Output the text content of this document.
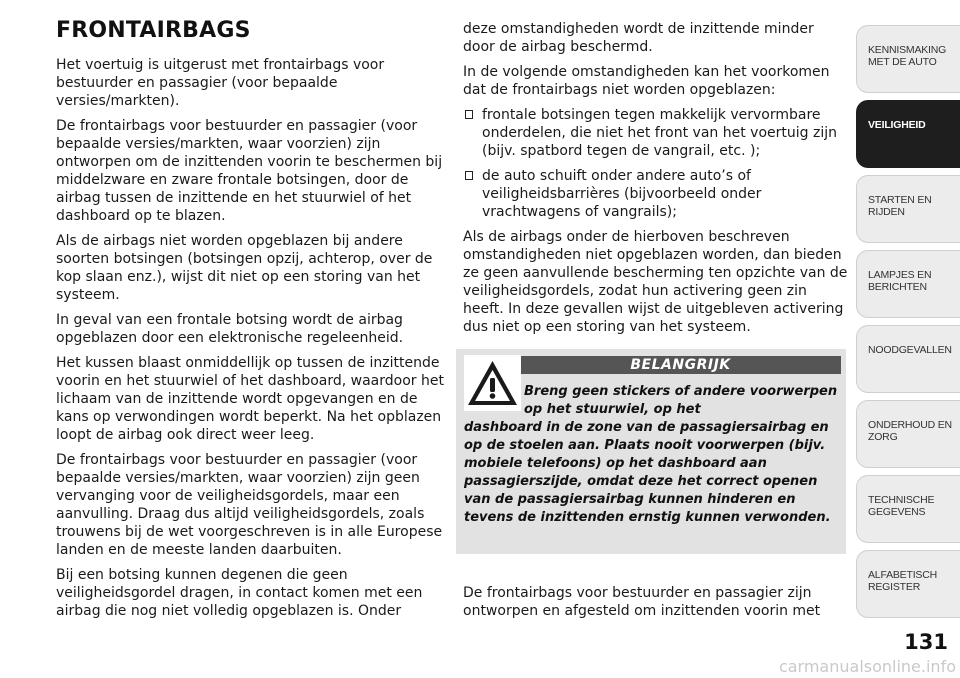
FRONTAIRBAGS

Het voertuig is uitgerust met frontairbags voor bestuurder en passagier (voor bepaalde versies/markten).

De frontairbags voor bestuurder en passagier (voor bepaalde versies/markten, waar voorzien) zijn ontworpen om de inzittenden voorin te beschermen bij middelzware en zware frontale botsingen, door de airbag tussen de inzittende en het stuurwiel of het dashboard op te blazen.

Als de airbags niet worden opgeblazen bij andere soorten botsingen (botsingen opzij, achterop, over de kop slaan enz.), wijst dit niet op een storing van het systeem.

In geval van een frontale botsing wordt de airbag opgeblazen door een elektronische regeleenheid.

Het kussen blaast onmiddellijk op tussen de inzittende voorin en het stuurwiel of het dashboard, waardoor het lichaam van de inzittende wordt opgevangen en de kans op verwondingen wordt beperkt. Na het opblazen loopt de airbag ook direct weer leeg.

De frontairbags voor bestuurder en passagier (voor bepaalde versies/markten, waar voorzien) zijn geen vervanging voor de veiligheidsgordels, maar een aanvulling. Draag dus altijd veiligheidsgordels, zoals trouwens bij de wet voorgeschreven is in alle Europese landen en de meeste landen daarbuiten.

Bij een botsing kunnen degenen die geen veiligheidsgordel dragen, in contact komen met een airbag die nog niet volledig opgeblazen is. Onder

deze omstandigheden wordt de inzittende minder door de airbag beschermd.

In de volgende omstandigheden kan het voorkomen dat de frontairbags niet worden opgeblazen:

frontale botsingen tegen makkelijk vervormbare onderdelen, die niet het front van het voertuig zijn (bijv. spatbord tegen de vangrail, etc. );
de auto schuift onder andere auto’s of veiligheidsbarrières (bijvoorbeeld onder vrachtwagens of vangrails);

Als de airbags onder de hierboven beschreven omstandigheden niet opgeblazen worden, dan bieden ze geen aanvullende bescherming ten opzichte van de veiligheidsgordels, zodat hun activering geen zin heeft. In deze gevallen wijst de uitgebleven activering dus niet op een storing van het systeem.

BELANGRIJK
Breng geen stickers of andere voorwerpen op het stuurwiel, op het
dashboard in de zone van de passagiersairbag en op de stoelen aan. Plaats nooit voorwerpen (bijv. mobiele telefoons) op het dashboard aan passagierszijde, omdat deze het correct openen van de passagiersairbag kunnen hinderen en tevens de inzittenden ernstig kunnen verwonden.

De frontairbags voor bestuurder en passagier zijn ontworpen en afgesteld om inzittenden voorin met

KENNISMAKING MET DE AUTO
VEILIGHEID
STARTEN EN RIJDEN
LAMPJES EN BERICHTEN
NOODGEVALLEN
ONDERHOUD EN ZORG
TECHNISCHE GEGEVENS
ALFABETISCH REGISTER
131
carmanualsonline.info
